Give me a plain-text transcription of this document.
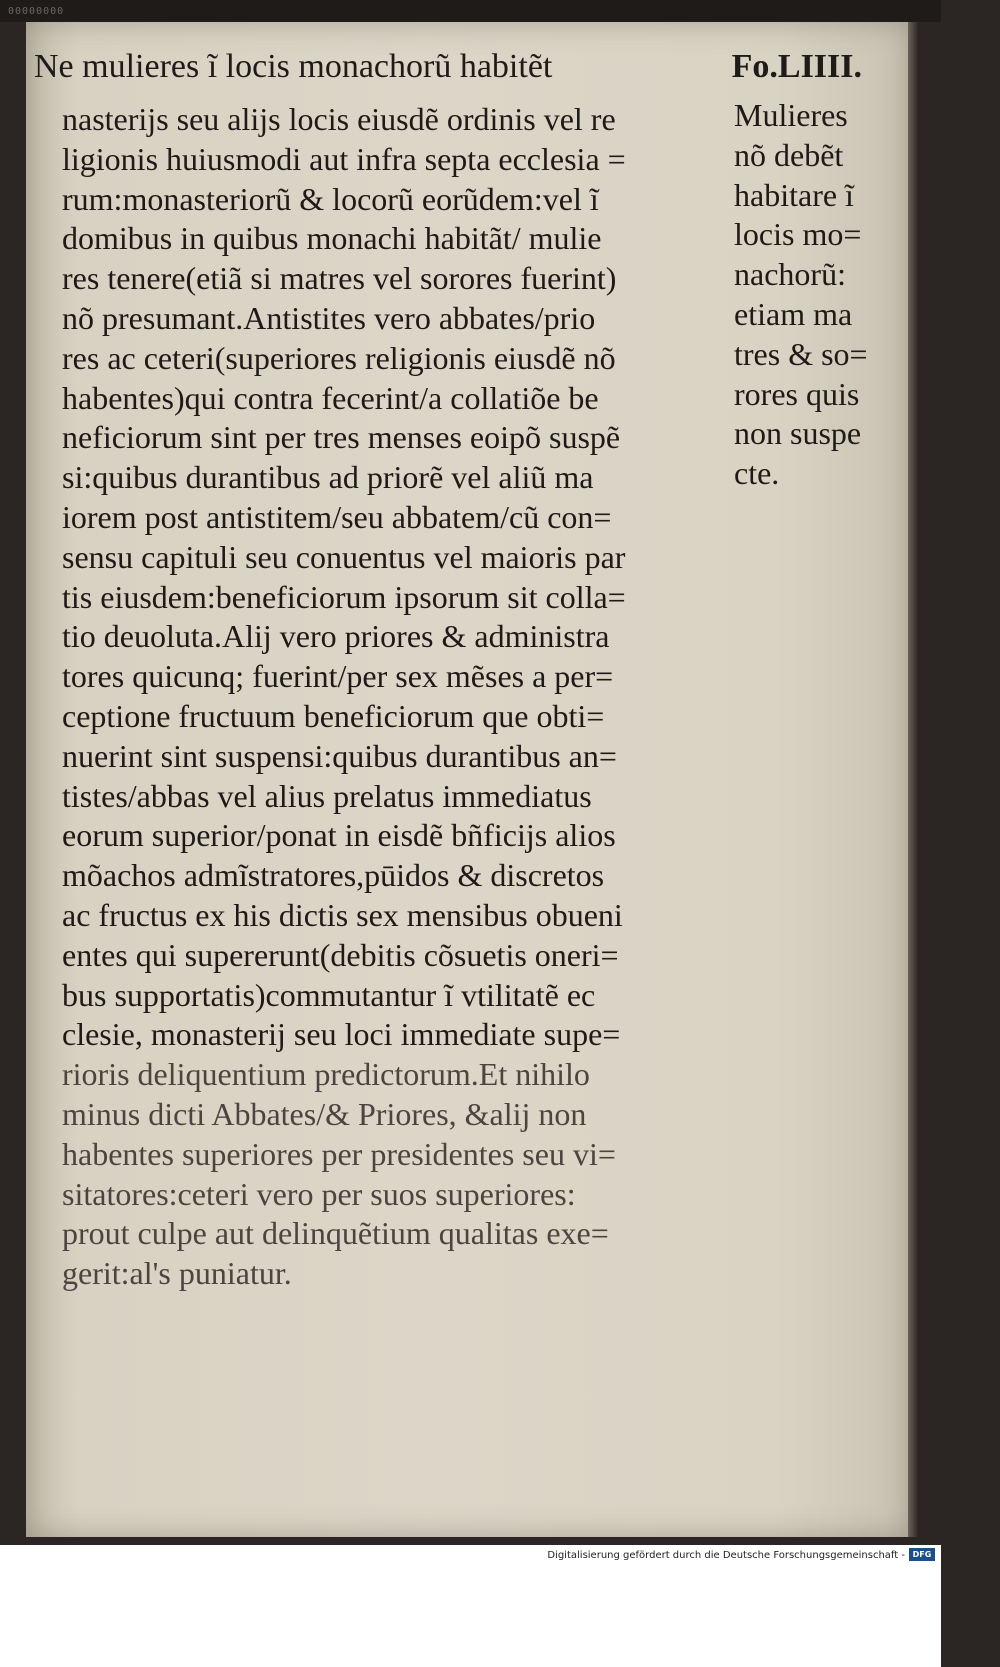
00000000
Ne mulieres ĩ locis monachorũ habitẽt	Fo.LIIII.
nasterijs seu alijs locis eiusdẽ ordinis vel re
ligionis huiusmodi aut infra septa ecclesia =
rum:monasteriorũ & locorũ eorũdem:vel ĩ
domibus in quibus monachi habitãt/ mulie
res tenere(etiã si matres vel sorores fuerint)
nõ presumant.Antistites vero abbates/prio
res ac ceteri(superiores religionis eiusdẽ nõ
habentes)qui contra fecerint/a collatiõe be
neficiorum sint per tres menses eoipõ suspẽ
si:quibus durantibus ad priorẽ vel aliũ ma
iorem post antistitem/seu abbatem/cũ con=
sensu capituli seu conuentus vel maioris par
tis eiusdem:beneficiorum ipsorum sit colla=
tio deuoluta.Alij vero priores & administra
tores quicunq; fuerint/per sex mẽses a per=
ceptione fructuum beneficiorum que obti=
nuerint sint suspensi:quibus durantibus an=
tistes/abbas vel alius prelatus immediatus
eorum superior/ponat in eisdẽ bñficijs alios
mõachos admĩstratores,pūidos & discretos
ac fructus ex his dictis sex mensibus obueni
entes qui supererunt(debitis cõsuetis oneri=
bus supportatis)commutantur ĩ vtilitatẽ ec
clesie, monasterij seu loci immediate supe=
rioris deliquentium predictorum.Et nihilo
minus dicti Abbates/& Priores, &alij non
habentes superiores per presidentes seu vi=
sitatores:ceteri vero per suos superiores:
prout culpe aut delinquẽtium qualitas exe=
gerit:al's puniatur.
Mulieres
nõ debẽt
habitare ĩ
locis mo=
nachorũ:
etiam ma
tres & so=
rores quis
non suspe
cte.
Digitalisierung gefördert durch die Deutsche Forschungsgemeinschaft - DFG
